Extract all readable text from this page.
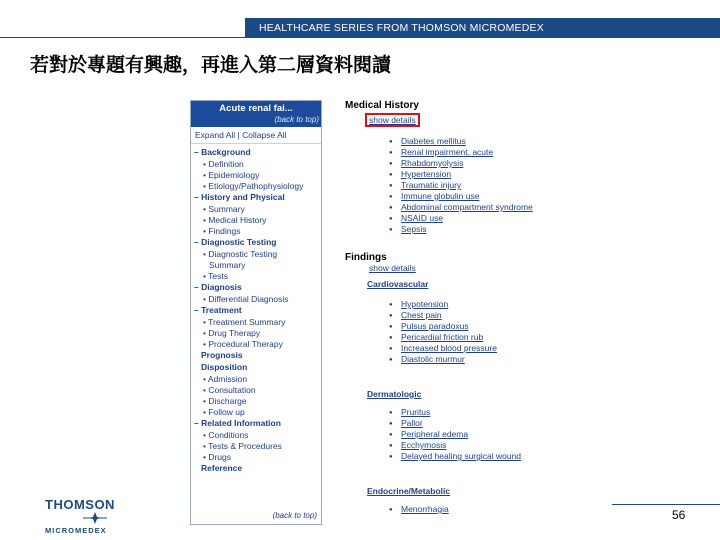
HEALTHCARE SERIES FROM THOMSON MICROMEDEX
若對於專題有興趣，再進入第二層資料閱讀
Acute renal fai...
(back to top)
Expand All | Collapse All
– Background
• Definition
• Epidemiology
• Etiology/Pathophysiology
– History and Physical
• Summary
• Medical History
• Findings
– Diagnostic Testing
• Diagnostic Testing
Summary
• Tests
– Diagnosis
• Differential Diagnosis
– Treatment
• Treatment Summary
• Drug Therapy
• Procedural Therapy
Prognosis
Disposition
• Admission
• Consultation
• Discharge
• Follow up
– Related Information
• Conditions
• Tests & Procedures
• Drugs
Reference
(back to top)
Medical History
show details
● Diabetes mellitus
● Renal impairment, acute
● Rhabdomyolysis
● Hypertension
● Traumatic injury
● Immune globulin use
● Abdominal compartment syndrome
● NSAID use
● Sepsis
Findings
show details
Cardiovascular
● Hypotension
● Chest pain
● Pulsus paradoxus
● Pericardial friction rub
● Increased blood pressure
● Diastolic murmur
Dermatologic
● Pruritus
● Pallor
● Peripheral edema
● Ecchymosis
● Delayed healing surgical wound
Endocrine/Metabolic
● Menorrhagia
THOMSON
MICROMEDEX
56
